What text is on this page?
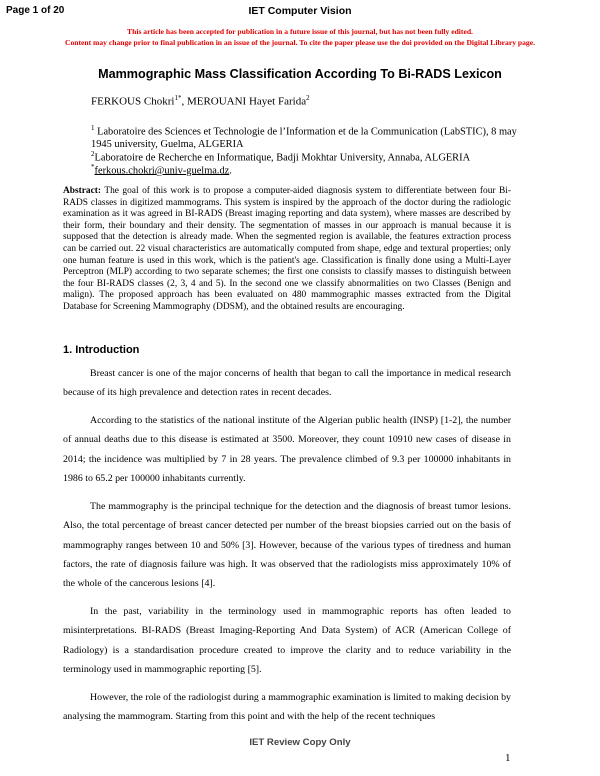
Page 1 of 20	IET Computer Vision
This article has been accepted for publication in a future issue of this journal, but has not been fully edited.
Content may change prior to final publication in an issue of the journal. To cite the paper please use the doi provided on the Digital Library page.
Mammographic Mass Classification According To Bi-RADS Lexicon
FERKOUS Chokri$^{1*}$, MEROUANI Hayet Farida$^2$
$^1$ Laboratoire des Sciences et Technologie de l’Information et de la Communication (LabSTIC), 8 may 1945 university, Guelma, ALGERIA
$^2$Laboratoire de Recherche en Informatique, Badji Mokhtar University, Annaba, ALGERIA
*ferkous.chokri@univ-guelma.dz.
Abstract: The goal of this work is to propose a computer-aided diagnosis system to differentiate between four Bi-RADS classes in digitized mammograms. This system is inspired by the approach of the doctor during the radiologic examination as it was agreed in BI-RADS (Breast imaging reporting and data system), where masses are described by their form, their boundary and their density. The segmentation of masses in our approach is manual because it is supposed that the detection is already made. When the segmented region is available, the features extraction process can be carried out. 22 visual characteristics are automatically computed from shape, edge and textural properties; only one human feature is used in this work, which is the patient's age. Classification is finally done using a Multi-Layer Perceptron (MLP) according to two separate schemes; the first one consists to classify masses to distinguish between the four BI-RADS classes (2, 3, 4 and 5). In the second one we classify abnormalities on two Classes (Benign and malign). The proposed approach has been evaluated on 480 mammographic masses extracted from the Digital Database for Screening Mammography (DDSM), and the obtained results are encouraging.
1. Introduction

Breast cancer is one of the major concerns of health that began to call the importance in medical research because of its high prevalence and detection rates in recent decades.

According to the statistics of the national institute of the Algerian public health (INSP) [1-2], the number of annual deaths due to this disease is estimated at 3500. Moreover, they count 10910 new cases of disease in 2014; the incidence was multiplied by 7 in 28 years. The prevalence climbed of 9.3 per 100000 inhabitants in 1986 to 65.2 per 100000 inhabitants currently.

The mammography is the principal technique for the detection and the diagnosis of breast tumor lesions. Also, the total percentage of breast cancer detected per number of the breast biopsies carried out on the basis of mammography ranges between 10 and 50% [3]. However, because of the various types of tiredness and human factors, the rate of diagnosis failure was high. It was observed that the radiologists miss approximately 10% of the whole of the cancerous lesions [4].

In the past, variability in the terminology used in mammographic reports has often leaded to misinterpretations. BI-RADS (Breast Imaging-Reporting And Data System) of ACR (American College of Radiology) is a standardisation procedure created to improve the clarity and to reduce variability in the terminology used in mammographic reporting [5].

However, the role of the radiologist during a mammographic examination is limited to making decision by analysing the mammogram. Starting from this point and with the help of the recent techniques

IET Review Copy Only
1
